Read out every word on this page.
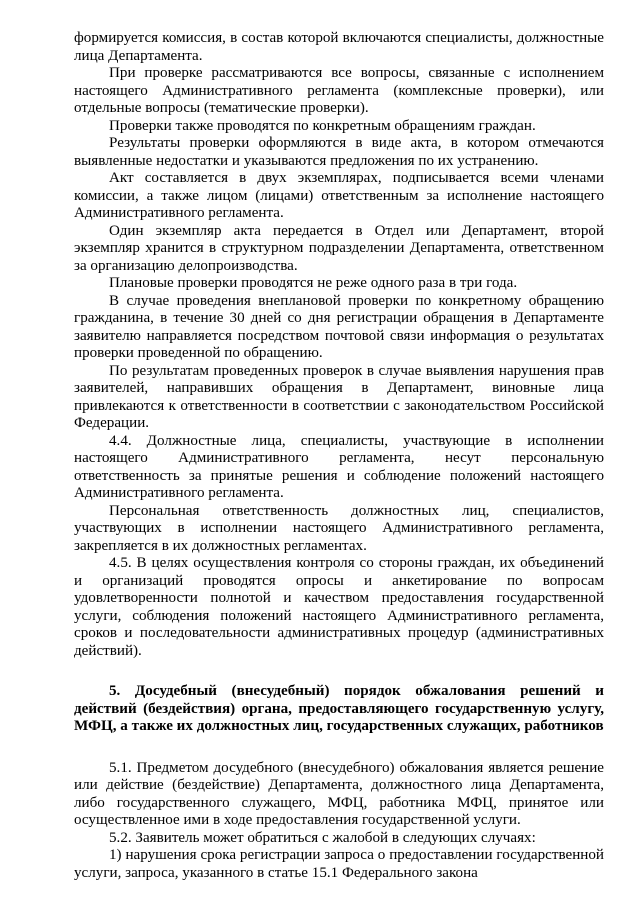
формируется комиссия, в состав которой включаются специалисты, должностные лица Департамента.

При проверке рассматриваются все вопросы, связанные с исполнением настоящего Административного регламента (комплексные проверки), или отдельные вопросы (тематические проверки).

Проверки также проводятся по конкретным обращениям граждан.

Результаты проверки оформляются в виде акта, в котором отмечаются выявленные недостатки и указываются предложения по их устранению.

Акт составляется в двух экземплярах, подписывается всеми членами комиссии, а также лицом (лицами) ответственным за исполнение настоящего Административного регламента.

Один экземпляр акта передается в Отдел или Департамент, второй экземпляр хранится в структурном подразделении Департамента, ответственном за организацию делопроизводства.

Плановые проверки проводятся не реже одного раза в три года.

В случае проведения внеплановой проверки по конкретному обращению гражданина, в течение 30 дней со дня регистрации обращения в Департаменте заявителю направляется посредством почтовой связи информация о результатах проверки проведенной по обращению.

По результатам проведенных проверок в случае выявления нарушения прав заявителей, направивших обращения в Департамент, виновные лица привлекаются к ответственности в соответствии с законодательством Российской Федерации.

4.4. Должностные лица, специалисты, участвующие в исполнении настоящего Административного регламента, несут персональную ответственность за принятые решения и соблюдение положений настоящего Административного регламента.

Персональная ответственность должностных лиц, специалистов, участвующих в исполнении настоящего Административного регламента, закрепляется в их должностных регламентах.

4.5. В целях осуществления контроля со стороны граждан, их объединений и организаций проводятся опросы и анкетирование по вопросам удовлетворенности полнотой и качеством предоставления государственной услуги, соблюдения положений настоящего Административного регламента, сроков и последовательности административных процедур (административных действий).

5. Досудебный (внесудебный) порядок обжалования решений и действий (бездействия) органа, предоставляющего государственную услугу, МФЦ, а также их должностных лиц, государственных служащих, работников

5.1. Предметом досудебного (внесудебного) обжалования является решение или действие (бездействие) Департамента, должностного лица Департамента, либо государственного служащего, МФЦ, работника МФЦ, принятое или осуществленное ими в ходе предоставления государственной услуги.

5.2. Заявитель может обратиться с жалобой в следующих случаях:

1) нарушения срока регистрации запроса о предоставлении государственной услуги, запроса, указанного в статье 15.1 Федерального закона
